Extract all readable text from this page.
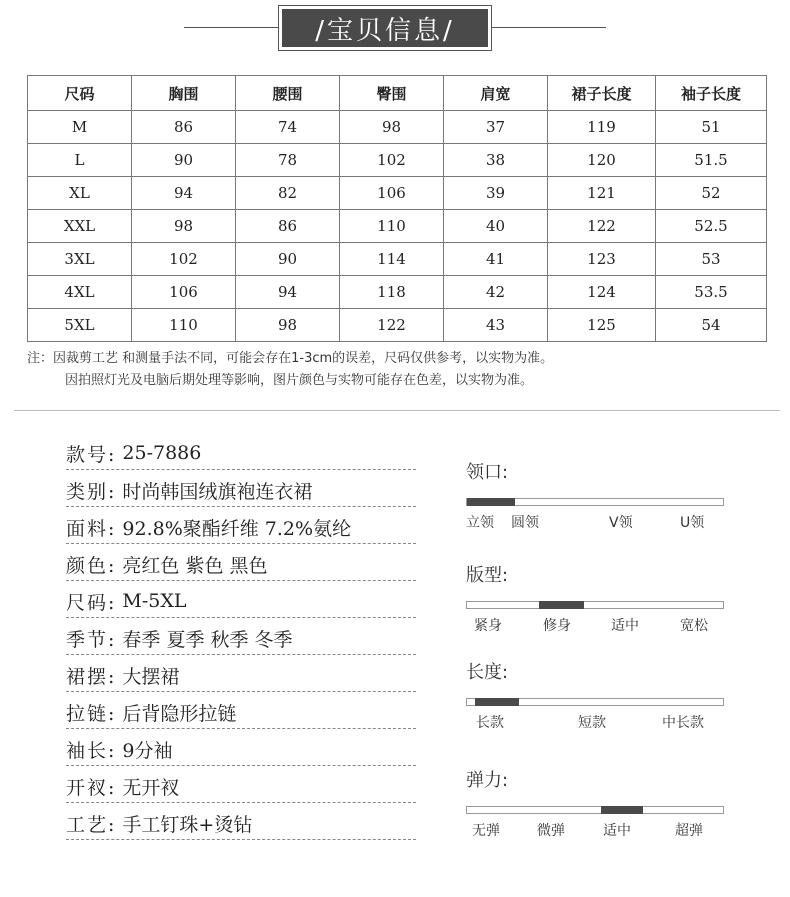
/宝贝信息/
尺码	胸围	腰围	臀围	肩宽	裙子长度	袖子长度
M	86	74	98	37	119	51
L	90	78	102	38	120	51.5
XL	94	82	106	39	121	52
XXL	98	86	110	40	122	52.5
3XL	102	90	114	41	123	53
4XL	106	94	118	42	124	53.5
5XL	110	98	122	43	125	54
注：因裁剪工艺 和测量手法不同，可能会存在1-3cm的误差，尺码仅供参考，以实物为准。
因拍照灯光及电脑后期处理等影响，图片颜色与实物可能存在色差，以实物为准。
款号: 25-7886
类别: 时尚韩国绒旗袍连衣裙
面料: 92.8%聚酯纤维 7.2%氨纶
颜色: 亮红色 紫色 黑色
尺码: M-5XL
季节: 春季 夏季 秋季 冬季
裙摆: 大摆裙
拉链: 后背隐形拉链
袖长: 9分袖
开衩: 无开衩
工艺: 手工钉珠+烫钻
领口:
立领 圆领	V领	U领
版型:
紧身	修身	适中	宽松
长度:
长款	短款	中长款
弹力:
无弹	微弹	适中	超弹
